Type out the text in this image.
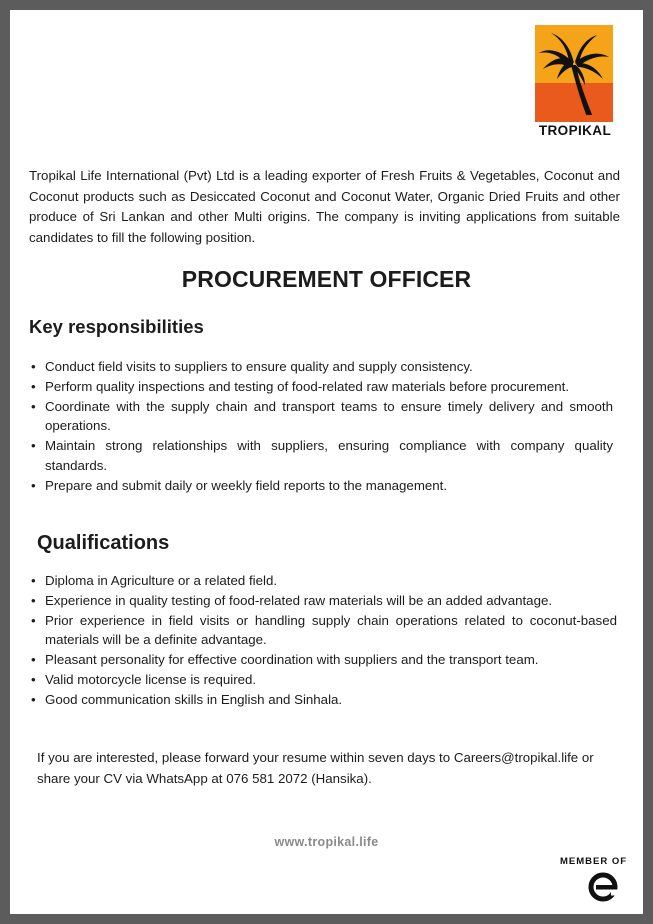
TROPIKAL

Tropikal Life International (Pvt) Ltd is a leading exporter of Fresh Fruits & Vegetables, Coconut and Coconut products such as Desiccated Coconut and Coconut Water, Organic Dried Fruits and other produce of Sri Lankan and other Multi origins. The company is inviting applications from suitable candidates to fill the following position.

PROCUREMENT OFFICER
Key responsibilities
• Conduct field visits to suppliers to ensure quality and supply consistency.
• Perform quality inspections and testing of food-related raw materials before procurement.
• Coordinate with the supply chain and transport teams to ensure timely delivery and smooth operations.
• Maintain strong relationships with suppliers, ensuring compliance with company quality standards.
• Prepare and submit daily or weekly field reports to the management.
Qualifications
• Diploma in Agriculture or a related field.
• Experience in quality testing of food-related raw materials will be an added advantage.
• Prior experience in field visits or handling supply chain operations related to coconut-based materials will be a definite advantage.
• Pleasant personality for effective coordination with suppliers and the transport team.
• Valid motorcycle license is required.
• Good communication skills in English and Sinhala.

If you are interested, please forward your resume within seven days to Careers@tropikal.life or share your CV via WhatsApp at 076 581 2072 (Hansika).

www.tropikal.life
MEMBER OF
